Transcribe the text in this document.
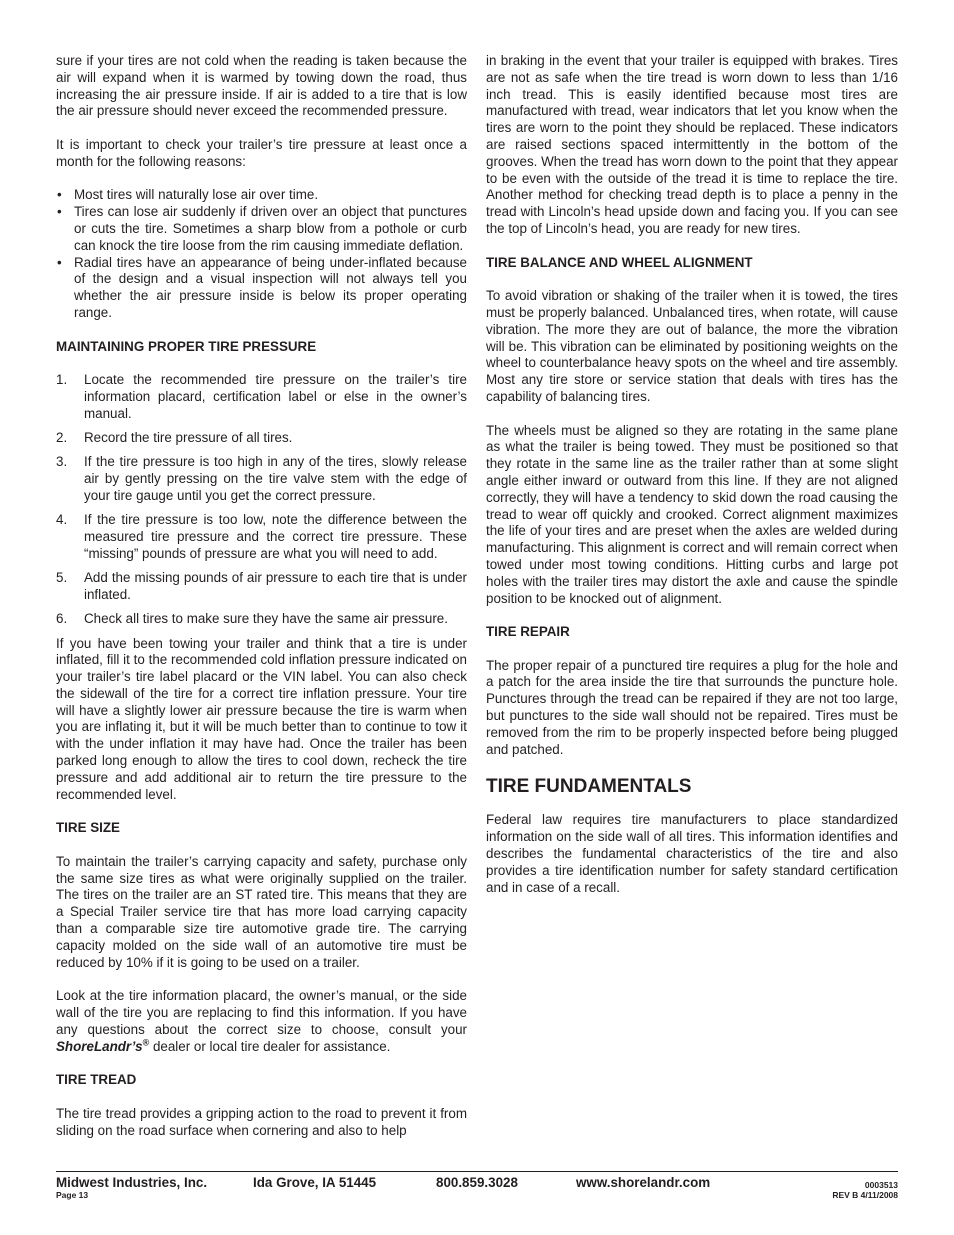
sure if your tires are not cold when the reading is taken because the air will expand when it is warmed by towing down the road, thus increasing the air pressure inside. If air is added to a tire that is low the air pressure should never exceed the recommended pressure.

It is important to check your trailer’s tire pressure at least once a month for the following reasons:

• Most tires will naturally lose air over time.
• Tires can lose air suddenly if driven over an object that punctures or cuts the tire. Sometimes a sharp blow from a pothole or curb can knock the tire loose from the rim causing immediate deflation.
• Radial tires have an appearance of being under-inflated because of the design and a visual inspection will not always tell you whether the air pressure inside is below its proper operating range.

MAINTAINING PROPER TIRE PRESSURE

1. Locate the recommended tire pressure on the trailer’s tire information placard, certification label or else in the owner’s manual.
2. Record the tire pressure of all tires.
3. If the tire pressure is too high in any of the tires, slowly release air by gently pressing on the tire valve stem with the edge of your tire gauge until you get the correct pressure.
4. If the tire pressure is too low, note the difference between the measured tire pressure and the correct tire pressure. These “missing” pounds of pressure are what you will need to add.
5. Add the missing pounds of air pressure to each tire that is under inflated.
6. Check all tires to make sure they have the same air pressure.

If you have been towing your trailer and think that a tire is under inflated, fill it to the recommended cold inflation pressure indicated on your trailer’s tire label placard or the VIN label. You can also check the sidewall of the tire for a correct tire inflation pressure. Your tire will have a slightly lower air pressure because the tire is warm when you are inflating it, but it will be much better than to continue to tow it with the under inflation it may have had. Once the trailer has been parked long enough to allow the tires to cool down, recheck the tire pressure and add additional air to return the tire pressure to the recommended level.

TIRE SIZE

To maintain the trailer’s carrying capacity and safety, purchase only the same size tires as what were originally supplied on the trailer. The tires on the trailer are an ST rated tire. This means that they are a Special Trailer service tire that has more load carrying capacity than a comparable size tire automotive grade tire. The carrying capacity molded on the side wall of an automotive tire must be reduced by 10% if it is going to be used on a trailer.

Look at the tire information placard, the owner’s manual, or the side wall of the tire you are replacing to find this information. If you have any questions about the correct size to choose, consult your ShoreLandr’s® dealer or local tire dealer for assistance.

TIRE TREAD

The tire tread provides a gripping action to the road to prevent it from sliding on the road surface when cornering and also to help

in braking in the event that your trailer is equipped with brakes. Tires are not as safe when the tire tread is worn down to less than 1/16 inch tread. This is easily identified because most tires are manufactured with tread, wear indicators that let you know when the tires are worn to the point they should be replaced. These indicators are raised sections spaced intermittently in the bottom of the grooves. When the tread has worn down to the point that they appear to be even with the outside of the tread it is time to replace the tire. Another method for checking tread depth is to place a penny in the tread with Lincoln’s head upside down and facing you. If you can see the top of Lincoln’s head, you are ready for new tires.

TIRE BALANCE AND WHEEL ALIGNMENT

To avoid vibration or shaking of the trailer when it is towed, the tires must be properly balanced. Unbalanced tires, when rotate, will cause vibration. The more they are out of balance, the more the vibration will be. This vibration can be eliminated by positioning weights on the wheel to counterbalance heavy spots on the wheel and tire assembly. Most any tire store or service station that deals with tires has the capability of balancing tires.

The wheels must be aligned so they are rotating in the same plane as what the trailer is being towed. They must be positioned so that they rotate in the same line as the trailer rather than at some slight angle either inward or outward from this line. If they are not aligned correctly, they will have a tendency to skid down the road causing the tread to wear off quickly and crooked. Correct alignment maximizes the life of your tires and are preset when the axles are welded during manufacturing. This alignment is correct and will remain correct when towed under most towing conditions. Hitting curbs and large pot holes with the trailer tires may distort the axle and cause the spindle position to be knocked out of alignment.

TIRE REPAIR

The proper repair of a punctured tire requires a plug for the hole and a patch for the area inside the tire that surrounds the puncture hole. Punctures through the tread can be repaired if they are not too large, but punctures to the side wall should not be repaired. Tires must be removed from the rim to be properly inspected before being plugged and patched.

TIRE FUNDAMENTALS

Federal law requires tire manufacturers to place standardized information on the side wall of all tires. This information identifies and describes the fundamental characteristics of the tire and also provides a tire identification number for safety standard certification and in case of a recall.

Midwest Industries, Inc.	Ida Grove, IA 51445	800.859.3028	www.shorelandr.com
Page 13
0003513
REV B 4/11/2008
